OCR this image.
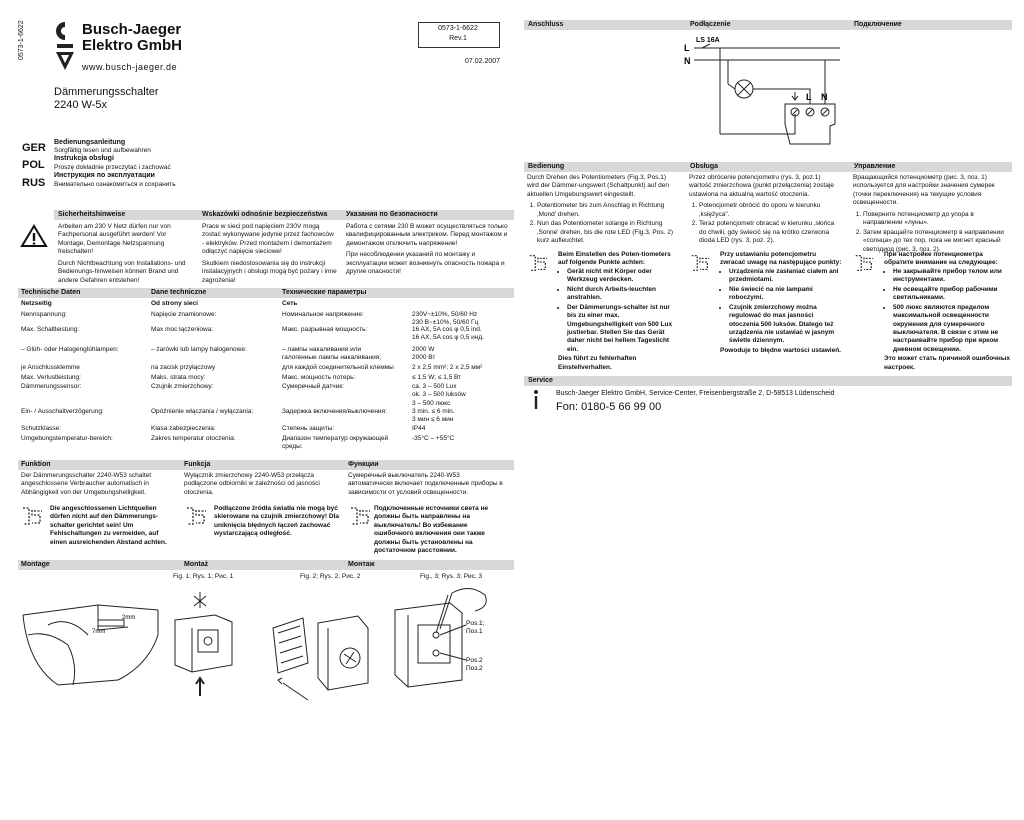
0573-1-6622	Busch-Jaeger
Elektro GmbH
www.busch-jaeger.de
0573-1-6622
Rev.1
07.02.2007
Dämmerungsschalter
2240 W-5x
GER Bedienungsanleitung
Sorgfältig lesen und aufbewahren
POL
Instrukcja obsługi
Proszę dokładnie przeczytać i zachować
RUS
Инструкция по эксплуатации
Внимательно ознакомиться и сохранить
Sicherheitshinweise	Wskazówki odnośnie bezpieczeństwa	Указания по безопасности
Arbeiten am 230 V Netz dürfen nur von Fachpersonal ausgeführt werden! Vor Montage, Demontage Netzspannung freischalten!
Durch Nichtbeachtung von Installations- und Bedienungs-hinweisen können Brand und andere Gefahren entstehen!
Prace w sieci pod napięciem 230V mogą zostać wykonywane jedynie przez fachowców - elektryków. Przed montażem i demontażem odłączyć napięcie sieciowe!
Skutkiem niedostosowania się do instrukcji instalacyjnych i obsługi mogą być pożary i inne zagrożenia!
Работа с сетями 230 В может осуществляться только квалифицированным электриком. Перед монтажом и демонтажом отключить напряжение!
При несоблюдении указаний по монтажу и эксплуатации может возникнуть опасность пожара и другие опасности!
Technische Daten	Dane techniczne	Технические параметры
Netzseitig	Od strony sieci	Сеть
Nennspannung:	Napięcie znamionowe:	Номинальное напряжение:	230V~±10%, 50/60 Hz
230 В~±10%, 50/60 Гц
Max. Schaltleistung:	Max moc łączeniowa:	Макс. разрывная мощность:	16 AX, 5A cos φ 0,5 ind.
16 AX, 5A cos φ 0,5 инд.
– Glüh- oder Halogenglühlampen:	– żarówki lub lampy halogenowe:	– лампы накаливания или
галогенные лампы накаливания;
2000 W
2000 Вт
je Anschlussklemme	na zacisk przyłączowy	для каждой соединительной клеммы	2 x 2,5 mm²; 2 x 2,5 мм²
Max. Verlustleistung:	Maks. strata mocy:	Макс. мощность потерь:	≤ 1,5 W; ≤ 1,5 Вт
Dämmerungssensor:	Czujnik zmierzchowy:	Сумеречный датчик:	ca. 3 – 500 Lux
ok. 3 – 500 luksów
3 – 500 люкс
Ein- / Ausschaltverzögerung:	Opóźnienie włączania / wyłączania:	Задержка включения/выключения:	3 min. ≤ 6 min.
3 мин ≤ 6 мин
Schutzklasse:	Klasa zabezpieczenia:	Степень защиты:	IP44
Umgebungstemperatur-bereich:	Zakres temperatur otoczenia:	Диапазон температур окружающей
среды:
-35°C – +55°C
Funktion	Funkcja	Функции
Der Dämmerungsschalter 2240-W53 schaltet angeschlossene Verbraucher automatisch in Abhängigkeit von der Umgebungshelligkeit.
Wyłącznik zmierzchowy 2240-W53 przełącza podłączone odbiorniki w zależności od jasności otoczenia.
Сумеречный выключатель 2240-W53 автоматически включает подключенные приборы в зависимости от условий освещенности.
Die angeschlossenen Lichtquellen dürfen nicht auf den Dämmerungs-schalter gerichtet sein! Um Fehlschaltungen zu vermeiden, auf einen ausreichenden Abstand achten.
Podłączone źródła światła nie mogą być skierowane na czujnik zmierzchowy! Dla uniknięcia błędnych łączeń zachować wystarczającą odległość.
Подключенные источники света не должны быть направлены на выключатель! Во избежание ошибочного включения они также должны быть установлены на достаточном расстоянии.
Montage	Montaż	Монтаж
Fig. 1; Rys. 1; Рис. 1	Fig. 2; Rys. 2; Рис. 2	Fig., 3; Rys. 3; Рис. 3
2mm
7mm
Pos.1;
Поз.1
Pos.2
Поз.2
Anschluss	Podłączenie	Подключение
LS 16A
L
N
L N
Bedienung	Obsługa	Управление
Durch Drehen des Potentiometers (Fig.3, Pos.1) wird der Dämmer-ungswert (Schaltpunkt) auf den aktuellen Umgebungswert eingestellt.
1. Potentiometer bis zum Anschlag in Richtung ‚Mond' drehen.
2. Nun das Potentiometer solange in Richtung ‚Sonne' drehen, bis die rote LED (Fig.3, Pos. 2) kurz aufleuchtet.
Przez obrócenie potencjometru (rys. 3, poz.1) wartość zmierzchowa (punkt przełączenia) zostaje ustawiona na aktualną wartość otoczenia.
1. Potencjometr obrócić do oporu w kierunku ‚księżyca".
2. Teraz potencjometr obracać w kierunku ‚słońca do chwili, gdy świecić się na krótko czerwona dioda LED (rys. 3, poz. 2).
Вращающийся потенциометр (рис. 3, поз. 1) используется для настройки значения сумерек (точки переключения) на текущие условия освещенности.
1. Поверните потенциометр до упора в направлении «луны».
2. Затем вращайте потенциометр в направлении «солнца» до тех пор, пока не мигнет красный светодиод (рис. 3, поз. 2).
Beim Einstellen des Poten-tiometers auf folgende Punkte achten:
• Gerät nicht mit Körper oder Werkzeug verdecken.
• Nicht durch Arbeits-leuchten anstrahlen.
• Der Dämmerungs-schalter ist nur bis zu einer max. Umgebungshelligkeit von 500 Lux justierbar. Stellen Sie das Gerät daher nicht bei hellem Tageslicht ein.
Dies führt zu fehlerhaften Einstellverhalten.
Przy ustawianiu potencjometru zwracać uwagę na następujące punkty:
• Urządzenia nie zasłaniać ciałem ani przedmiotami.
• Nie świecić na nie lampami roboczymi.
• Czujnik zmierzchowy można regulować do max jasności otoczenia 500 luksów. Dlatego też urządzenia nie ustawiać w jasnym świetle dziennym.
Powoduje to błędne wartości ustawień.
При настройке потенциометра обратите внимание на следующее:
• Не закрывайте прибор телом или инструментами.
• Не освещайте прибор рабочими светильниками.
• 500 люкс являются пределом максимальной освещенности окружения для сумеречного выключателя. В связи с этим не настраивайте прибор при ярком дневном освещении.
Это может стать причиной ошибочных настроек.
Service
Busch-Jaeger Elektro GmbH, Service-Center, Freisenbergstraße 2, D-58513 Lüdenscheid
Fon: 0180-5 66 99 00
